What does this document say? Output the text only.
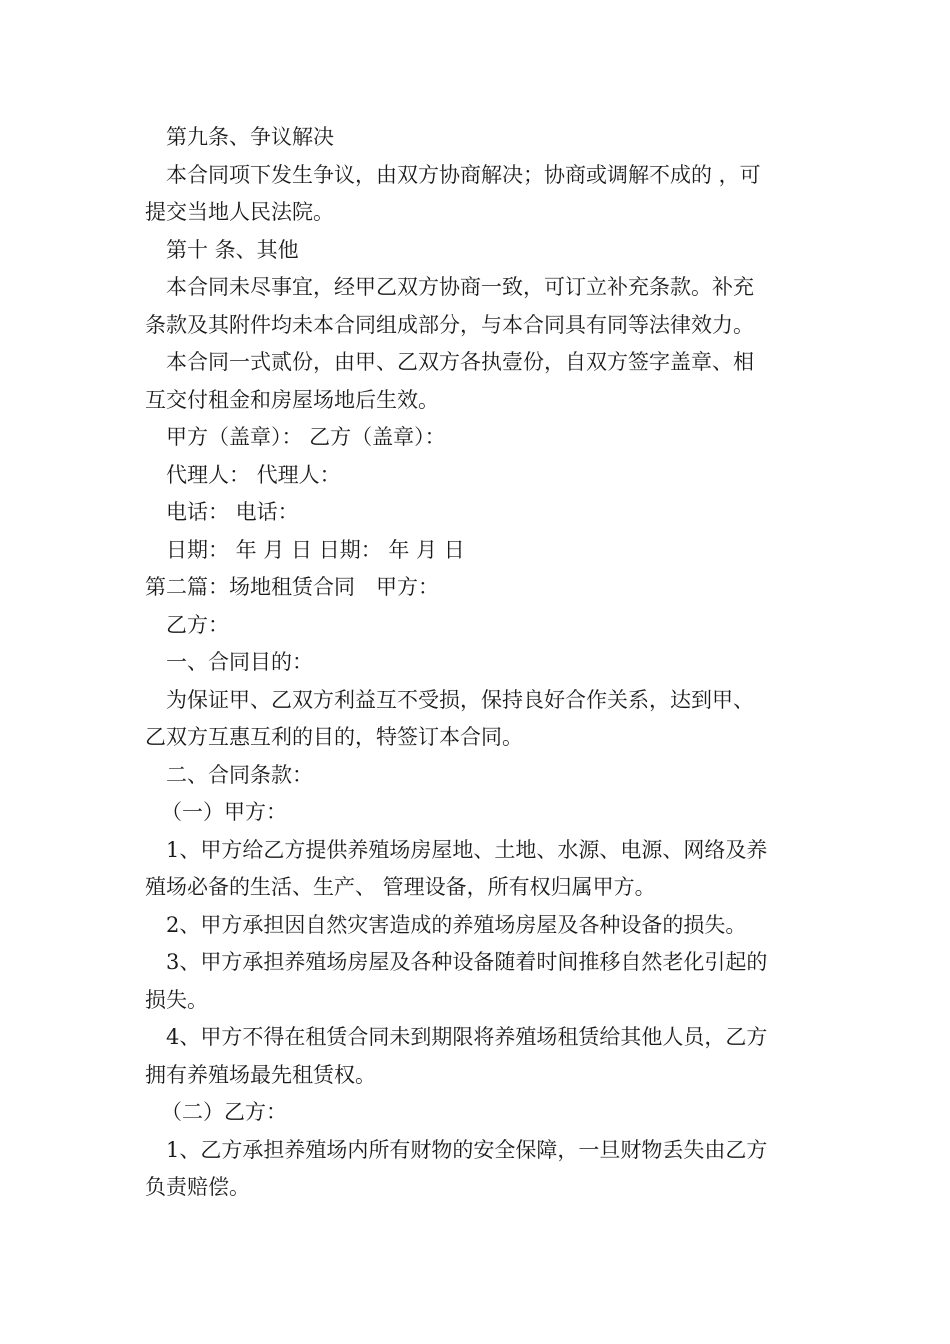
第九条、争议解决
本合同项下发生争议，由双方协商解决；协商或调解不成的 ，可
提交当地人民法院。
第十 条、其他
本合同未尽事宜，经甲乙双方协商一致，可订立补充条款。补充
条款及其附件均未本合同组成部分，与本合同具有同等法律效力。
本合同一式贰份，由甲、乙双方各执壹份，自双方签字盖章、相
互交付租金和房屋场地后生效。
甲方（盖章）： 乙方（盖章）：
代理人： 代理人：
电话： 电话：
日期： 年 月 日 日期： 年 月 日
第二篇：场地租赁合同　甲方：
乙方：
一、合同目的：
为保证甲、乙双方利益互不受损，保持良好合作关系，达到甲、
乙双方互惠互利的目的，特签订本合同。
二、合同条款：
（一）甲方：
1、甲方给乙方提供养殖场房屋地、土地、水源、电源、网络及养
殖场必备的生活、生产、 管理设备，所有权归属甲方。
2、甲方承担因自然灾害造成的养殖场房屋及各种设备的损失。
3、甲方承担养殖场房屋及各种设备随着时间推移自然老化引起的
损失。
4、甲方不得在租赁合同未到期限将养殖场租赁给其他人员，乙方
拥有养殖场最先租赁权。
（二）乙方：
1、乙方承担养殖场内所有财物的安全保障，一旦财物丢失由乙方
负责赔偿。
